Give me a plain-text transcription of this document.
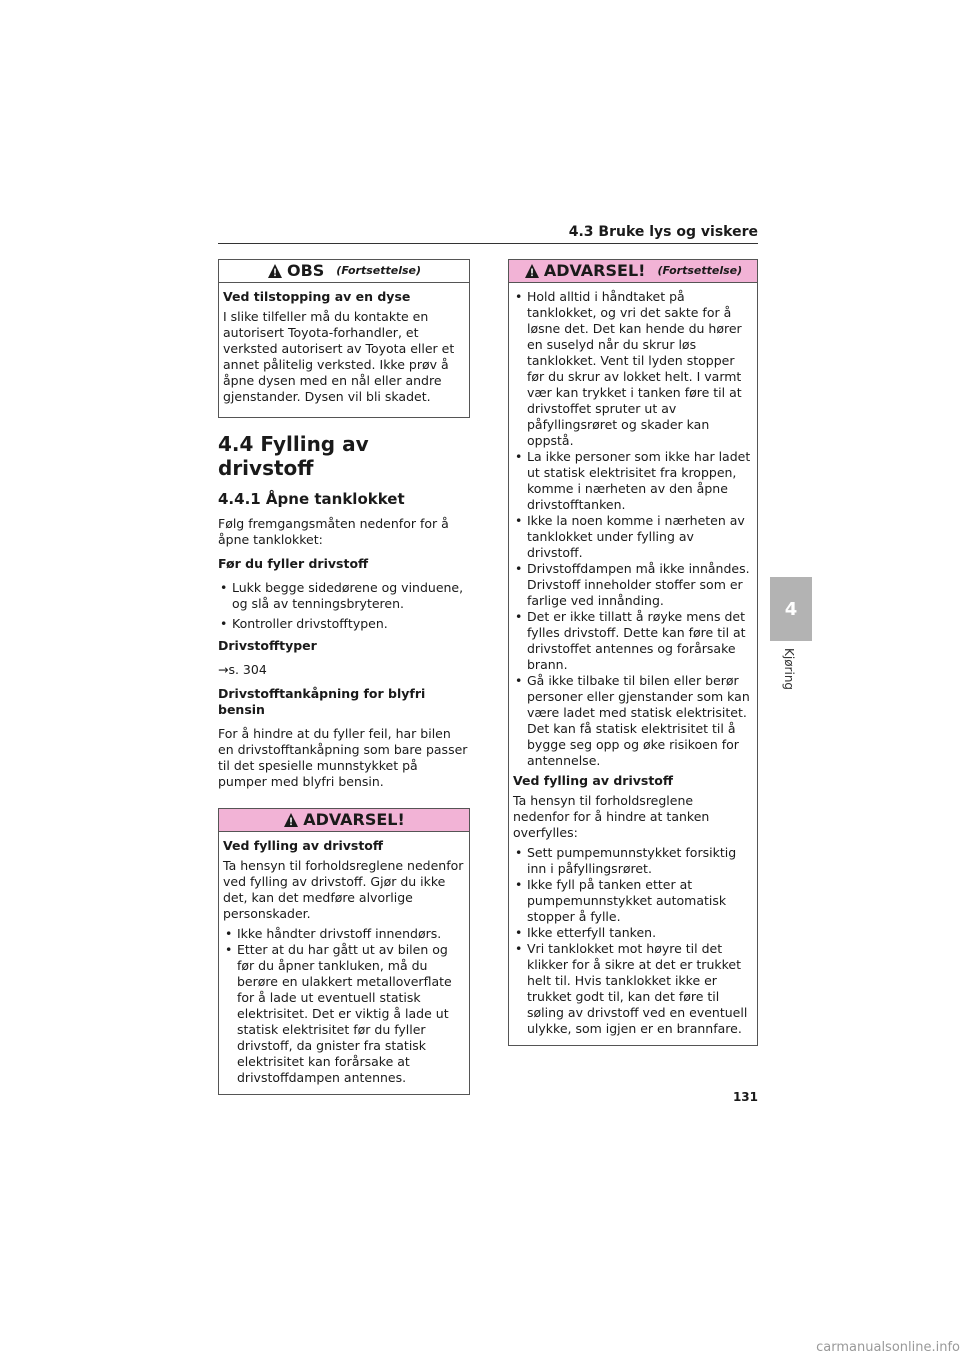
4.3 Bruke lys og viskere
OBS (Fortsettelse)

Ved tilstopping av en dyse

I slike tilfeller må du kontakte en autorisert Toyota-forhandler, et verksted autorisert av Toyota eller et annet pålitelig verksted. Ikke prøv å åpne dysen med en nål eller andre gjenstander. Dysen vil bli skadet.

4.4 Fylling av drivstoff
4.4.1 Åpne tanklokket

Følg fremgangsmåten nedenfor for å åpne tanklokket:

Før du fyller drivstoff

• Lukk begge sidedørene og vinduene, og slå av tenningsbryteren.
• Kontroller drivstofftypen.

Drivstofftyper

→s. 304

Drivstofftankåpning for blyfri bensin

For å hindre at du fyller feil, har bilen en drivstofftankåpning som bare passer til det spesielle munnstykket på pumper med blyfri bensin.

ADVARSEL!

Ved fylling av drivstoff

Ta hensyn til forholdsreglene nedenfor ved fylling av drivstoff. Gjør du ikke det, kan det medføre alvorlige personskader.

• Ikke håndter drivstoff innendørs.
• Etter at du har gått ut av bilen og før du åpner tankluken, må du berøre en ulakkert metalloverflate for å lade ut eventuell statisk elektrisitet. Det er viktig å lade ut statisk elektrisitet før du fyller drivstoff, da gnister fra statisk elektrisitet kan forårsake at drivstoffdampen antennes.
ADVARSEL! (Fortsettelse)
• Hold alltid i håndtaket på tanklokket, og vri det sakte for å løsne det. Det kan hende du hører en suselyd når du skrur løs tanklokket. Vent til lyden stopper før du skrur av lokket helt. I varmt vær kan trykket i tanken føre til at drivstoffet spruter ut av påfyllingsrøret og skader kan oppstå.
• La ikke personer som ikke har ladet ut statisk elektrisitet fra kroppen, komme i nærheten av den åpne drivstofftanken.
• Ikke la noen komme i nærheten av tanklokket under fylling av drivstoff.
• Drivstoffdampen må ikke innåndes. Drivstoff inneholder stoffer som er farlige ved innånding.
• Det er ikke tillatt å røyke mens det fylles drivstoff. Dette kan føre til at drivstoffet antennes og forårsake brann.
• Gå ikke tilbake til bilen eller berør personer eller gjenstander som kan være ladet med statisk elektrisitet. Det kan få statisk elektrisitet til å bygge seg opp og øke risikoen for antennelse.

Ved fylling av drivstoff

Ta hensyn til forholdsreglene nedenfor for å hindre at tanken overfylles:

• Sett pumpemunnstykket forsiktig inn i påfyllingsrøret.
• Ikke fyll på tanken etter at pumpemunnstykket automatisk stopper å fylle.
• Ikke etterfyll tanken.
• Vri tanklokket mot høyre til det klikker for å sikre at det er trukket helt til. Hvis tanklokket ikke er trukket godt til, kan det føre til søling av drivstoff ved en eventuell ulykke, som igjen er en brannfare.
4
Kjøring
131
carmanualsonline.info
